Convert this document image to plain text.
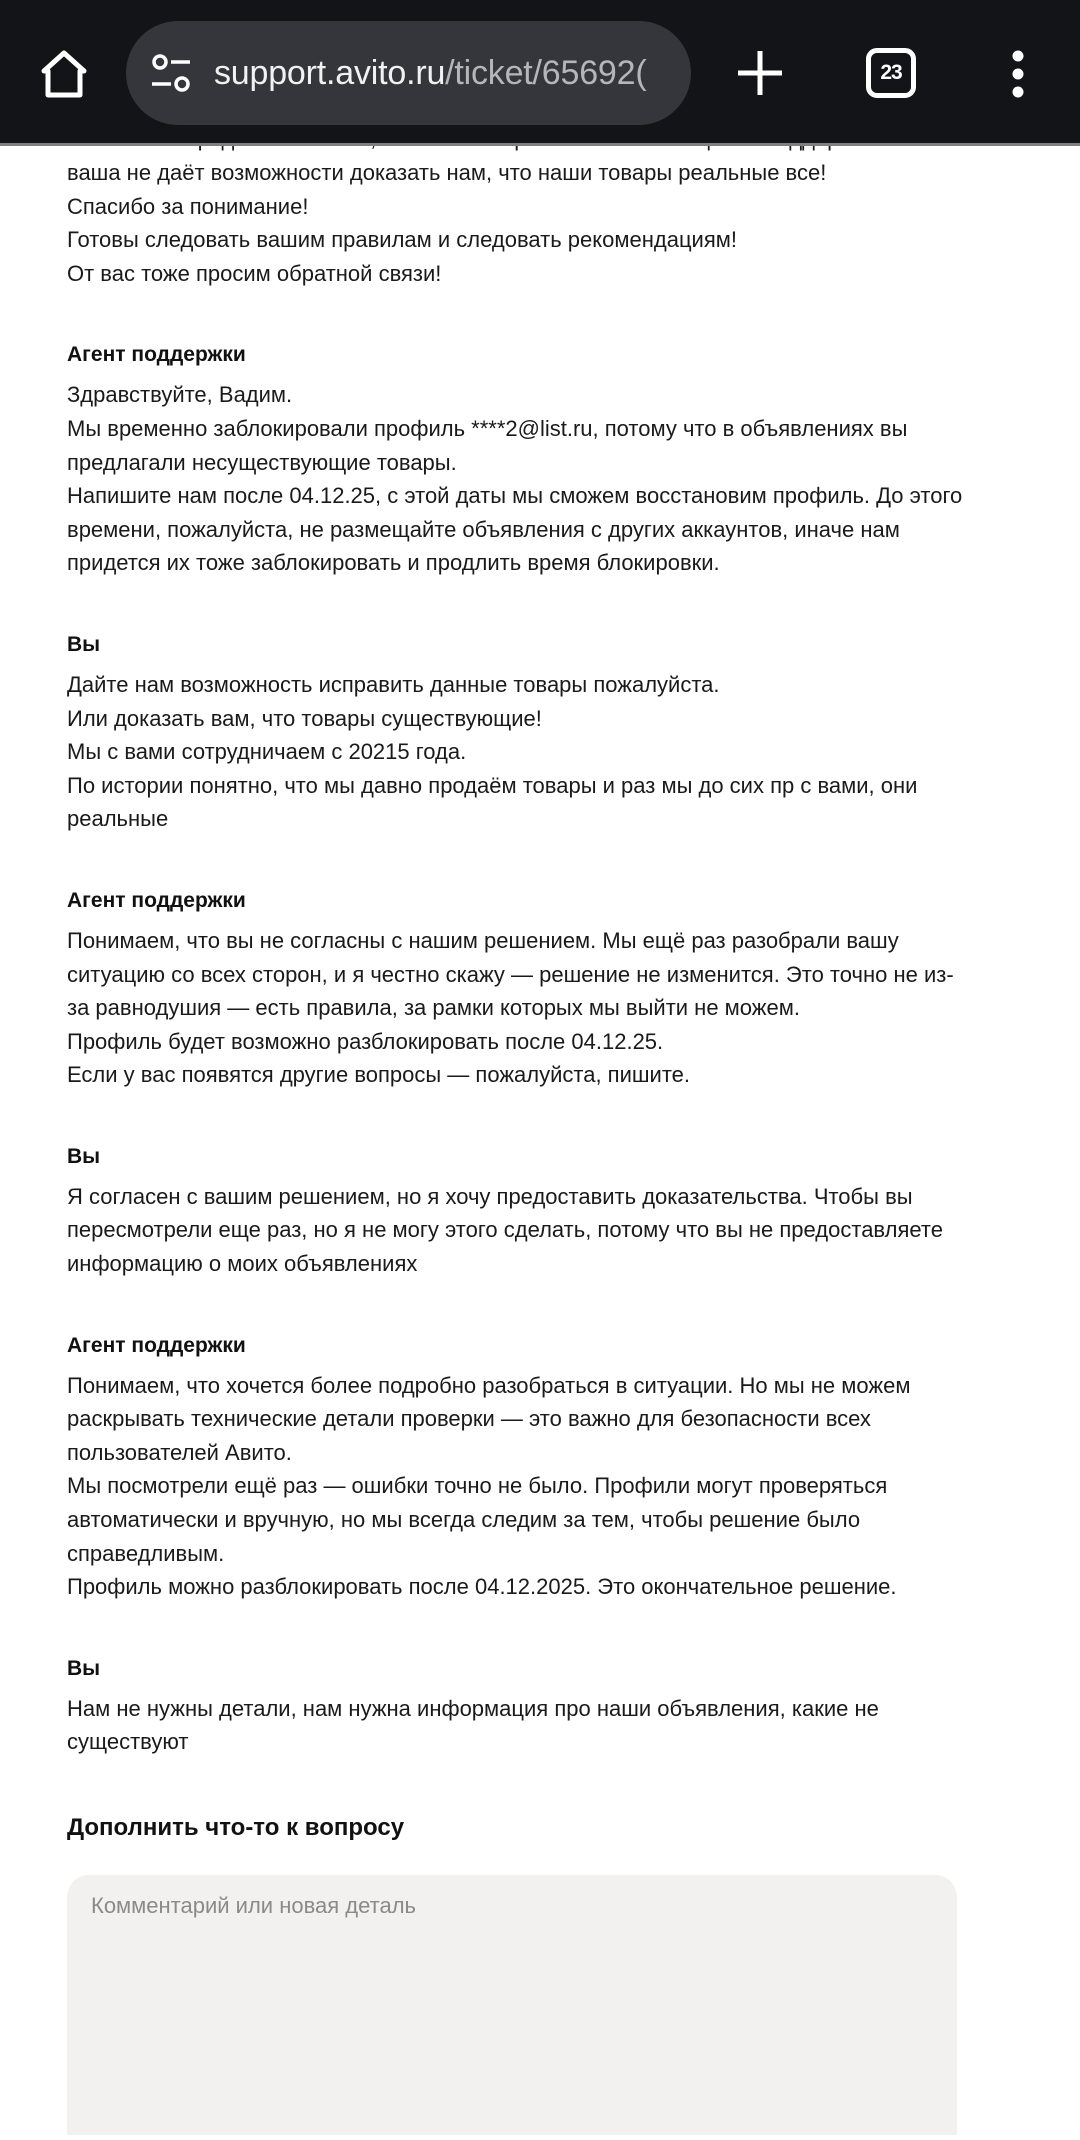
support.avito.ru/ticket/65692(	23

ваша не даёт возможности доказать нам, что наши товары реальные все!

Спасибо за понимание!

Готовы следовать вашим правилам и следовать рекомендациям!

От вас тоже просим обратной связи!

Агент поддержки

Здравствуйте, Вадим.

Мы временно заблокировали профиль ****2@list.ru, потому что в объявлениях вы предлагали несуществующие товары.

Напишите нам после 04.12.25, с этой даты мы сможем восстановим профиль. До этого времени, пожалуйста, не размещайте объявления с других аккаунтов, иначе нам придется их тоже заблокировать и продлить время блокировки.

Вы

Дайте нам возможность исправить данные товары пожалуйста.

Или доказать вам, что товары существующие!

Мы с вами сотрудничаем с 20215 года.

По истории понятно, что мы давно продаём товары и раз мы до сих пр с вами, они реальные

Агент поддержки

Понимаем, что вы не согласны с нашим решением. Мы ещё раз разобрали вашу ситуацию со всех сторон, и я честно скажу — решение не изменится. Это точно не из-за равнодушия — есть правила, за рамки которых мы выйти не можем.

Профиль будет возможно разблокировать после 04.12.25.

Если у вас появятся другие вопросы — пожалуйста, пишите.

Вы

Я согласен с вашим решением, но я хочу предоставить доказательства. Чтобы вы пересмотрели еще раз, но я не могу этого сделать, потому что вы не предоставляете информацию о моих объявлениях

Агент поддержки

Понимаем, что хочется более подробно разобраться в ситуации. Но мы не можем раскрывать технические детали проверки — это важно для безопасности всех пользователей Авито.

Мы посмотрели ещё раз — ошибки точно не было. Профили могут проверяться автоматически и вручную, но мы всегда следим за тем, чтобы решение было справедливым.

Профиль можно разблокировать после 04.12.2025. Это окончательное решение.

Вы

Нам не нужны детали, нам нужна информация про наши объявления, какие не существуют

Дополнить что-то к вопросу
Комментарий или новая деталь
